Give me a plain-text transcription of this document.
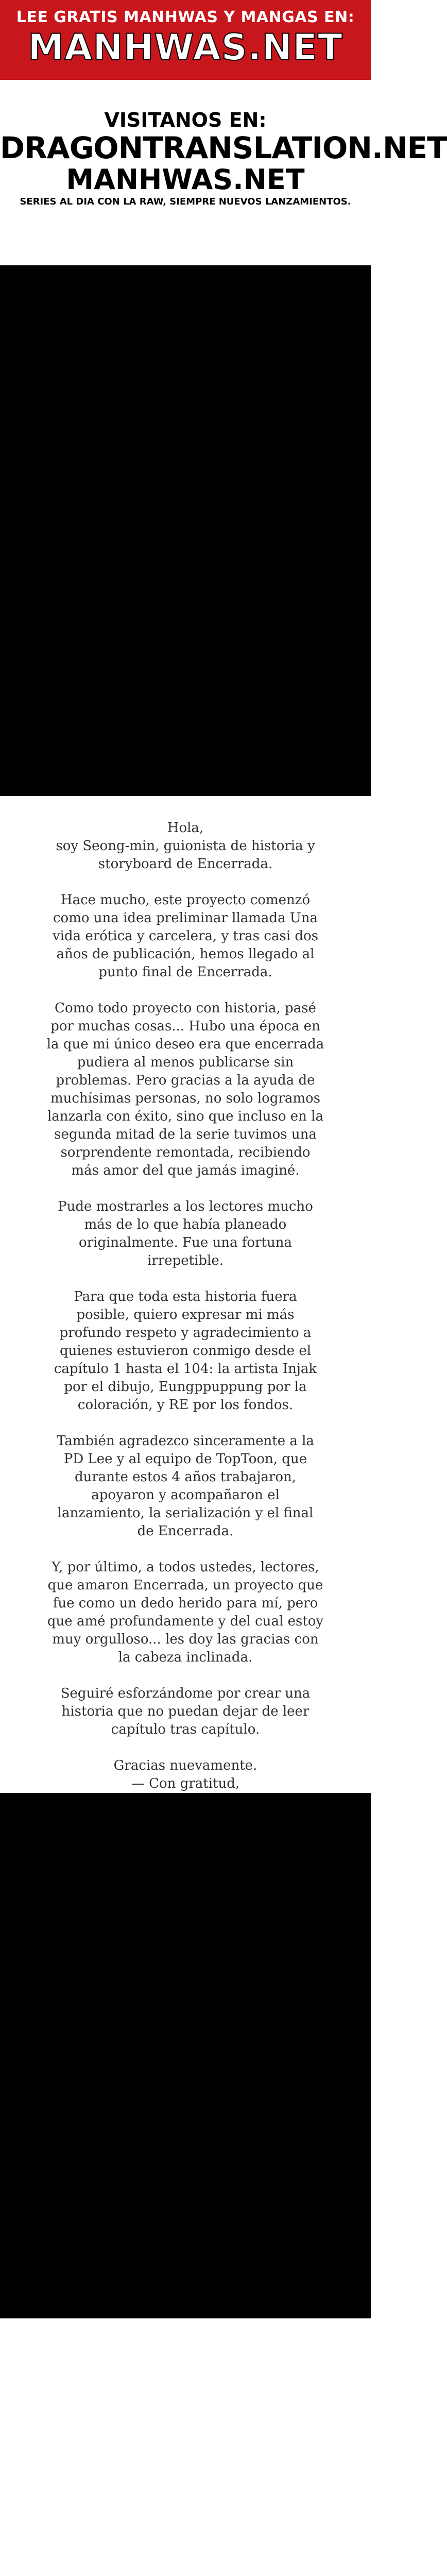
LEE GRATIS MANHWAS Y MANGAS EN:
MANHWAS.NET
VISITANOS EN:
DRAGONTRANSLATION.NET
MANHWAS.NET
SERIES AL DIA CON LA RAW, SIEMPRE NUEVOS LANZAMIENTOS.

Hola,
soy Seong-min, guionista de historia y
storyboard de Encerrada.

Hace mucho, este proyecto comenzó
como una idea preliminar llamada Una
vida erótica y carcelera, y tras casi dos
años de publicación, hemos llegado al
punto final de Encerrada.

Como todo proyecto con historia, pasé
por muchas cosas... Hubo una época en
la que mi único deseo era que encerrada
pudiera al menos publicarse sin
problemas. Pero gracias a la ayuda de
muchísimas personas, no solo logramos
lanzarla con éxito, sino que incluso en la
segunda mitad de la serie tuvimos una
sorprendente remontada, recibiendo
más amor del que jamás imaginé.

Pude mostrarles a los lectores mucho
más de lo que había planeado
originalmente. Fue una fortuna
irrepetible.

Para que toda esta historia fuera
posible, quiero expresar mi más
profundo respeto y agradecimiento a
quienes estuvieron conmigo desde el
capítulo 1 hasta el 104: la artista Injak
por el dibujo, Eungppuppung por la
coloración, y RE por los fondos.

También agradezco sinceramente a la
PD Lee y al equipo de TopToon, que
durante estos 4 años trabajaron,
apoyaron y acompañaron el
lanzamiento, la serialización y el final
de Encerrada.

Y, por último, a todos ustedes, lectores,
que amaron Encerrada, un proyecto que
fue como un dedo herido para mí, pero
que amé profundamente y del cual estoy
muy orgulloso... les doy las gracias con
la cabeza inclinada.

Seguiré esforzándome por crear una
historia que no puedan dejar de leer
capítulo tras capítulo.

Gracias nuevamente.
— Con gratitud,
